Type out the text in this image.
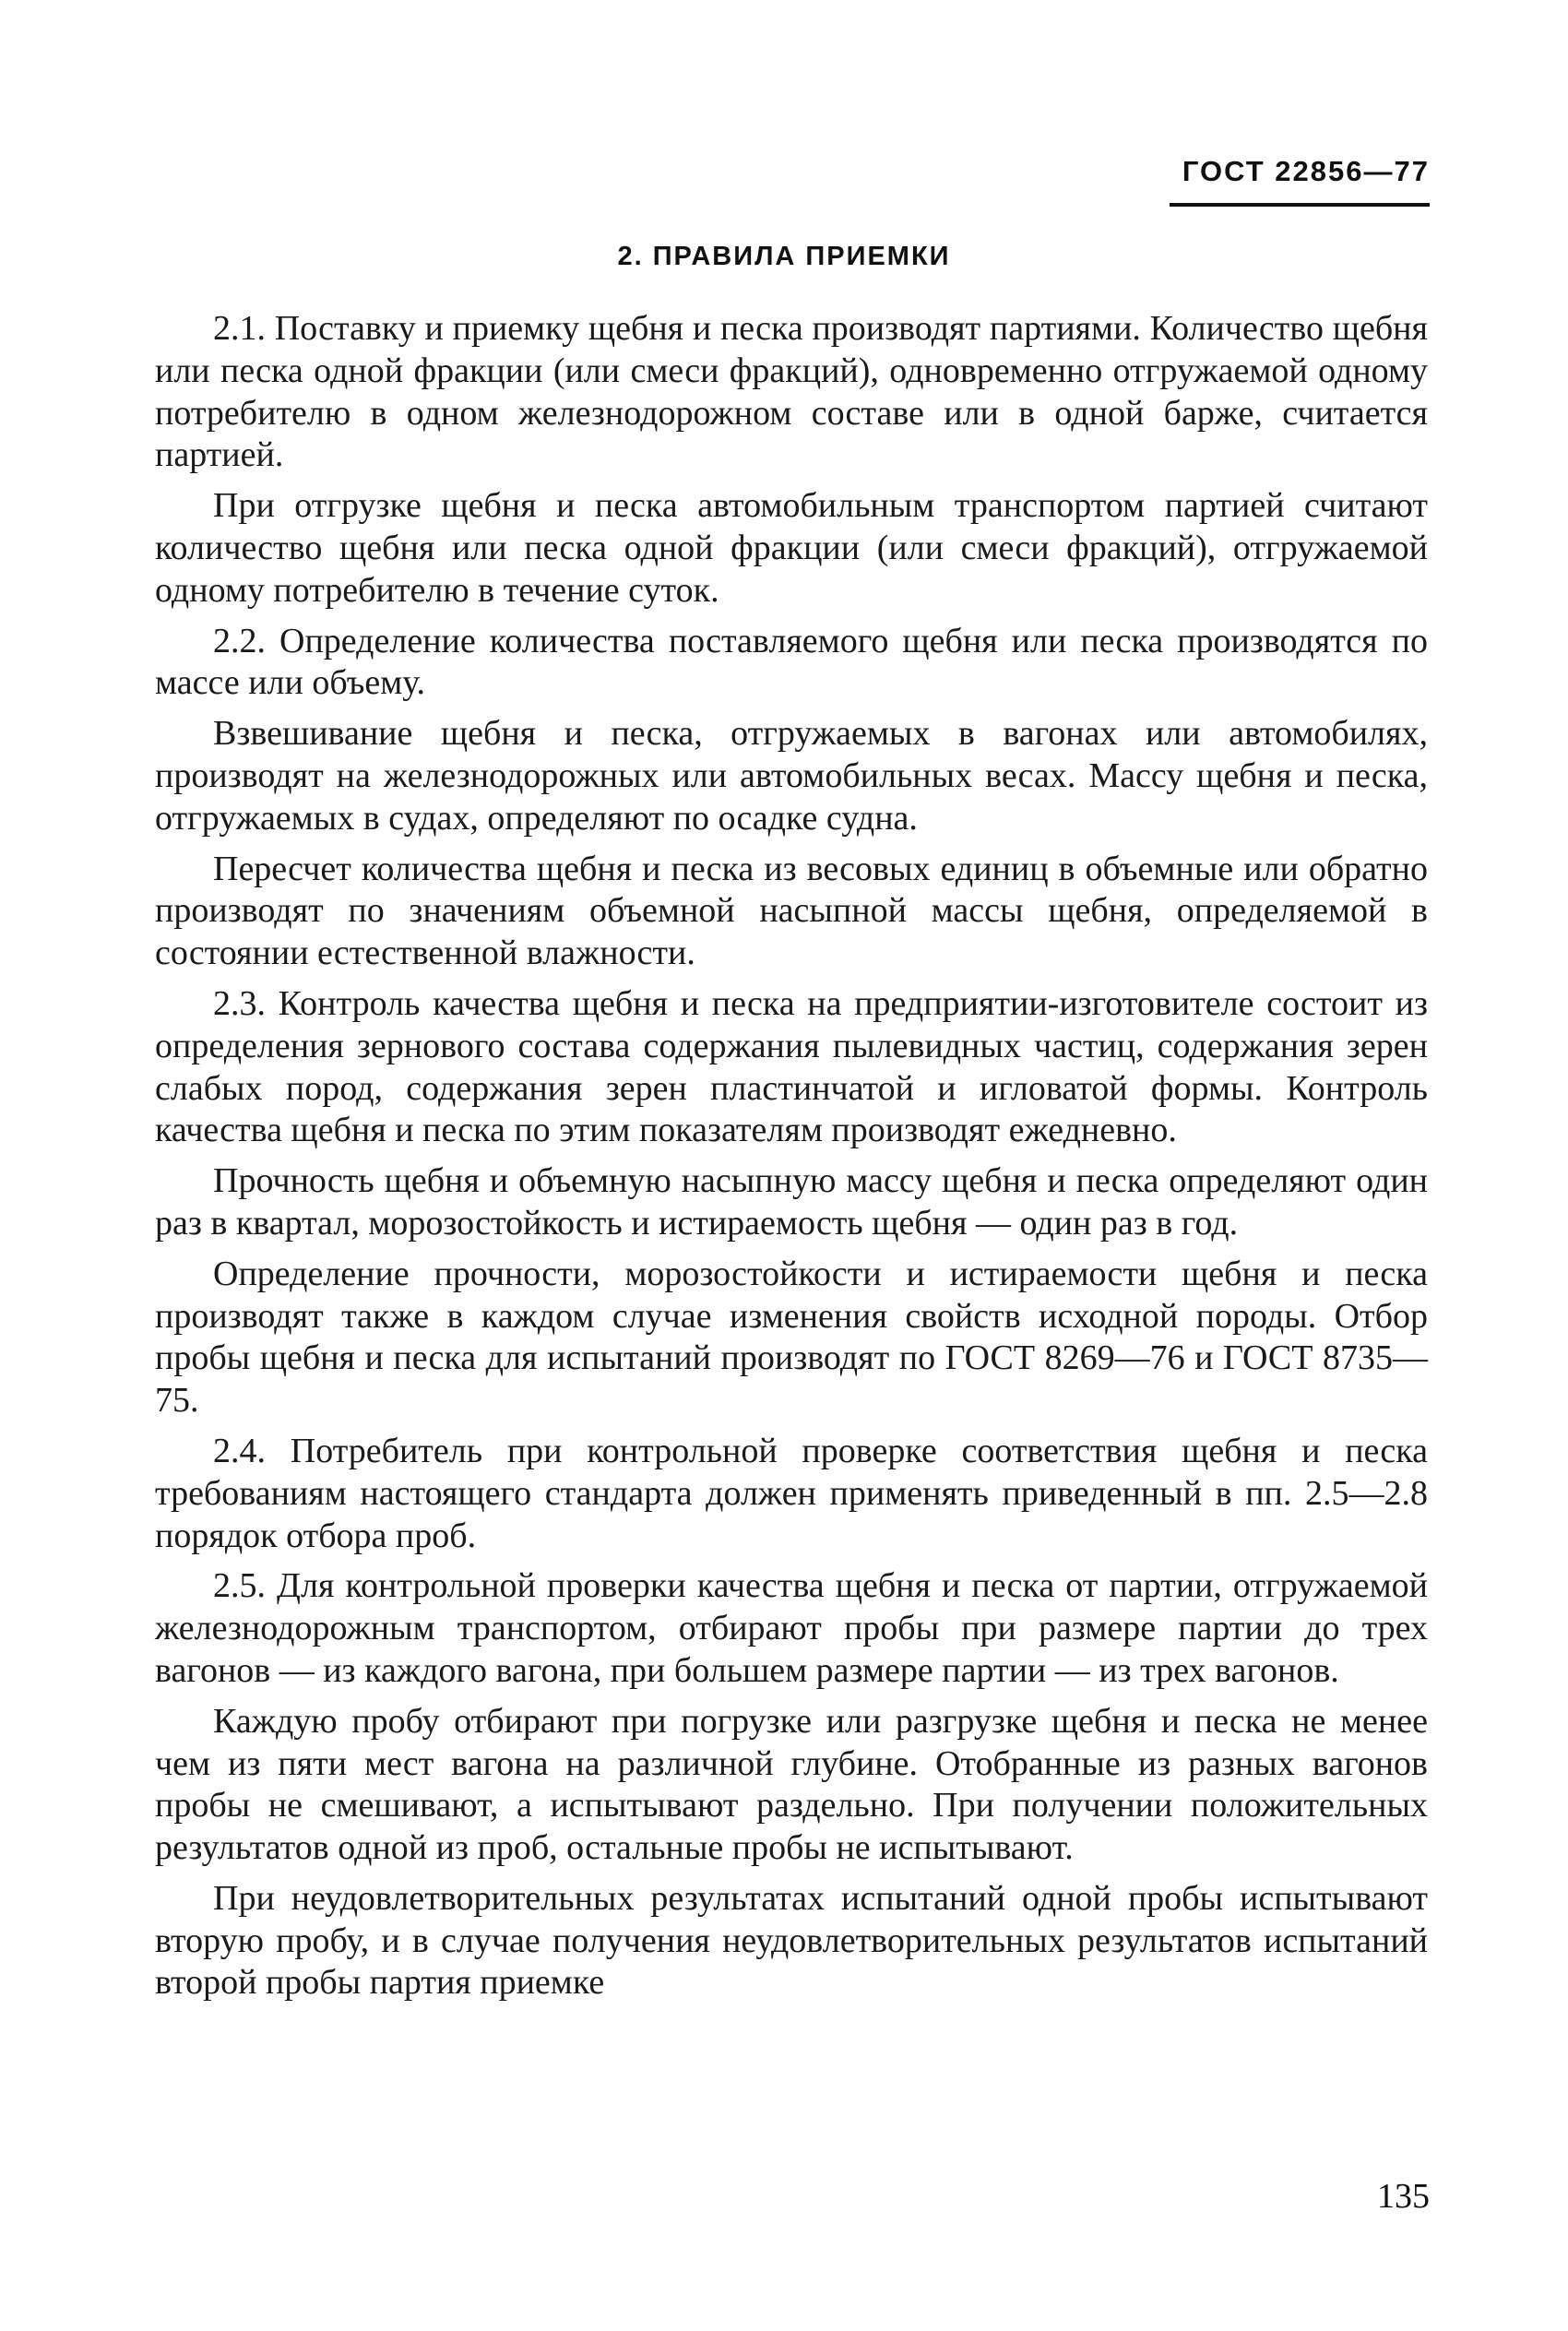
ГОСТ 22856—77
2. ПРАВИЛА ПРИЕМКИ

2.1. Поставку и приемку щебня и песка производят партиями. Количество щебня или песка одной фракции (или смеси фракций), одновременно отгружаемой одному потребителю в одном железнодорожном составе или в одной барже, считается партией.

При отгрузке щебня и песка автомобильным транспортом партией считают количество щебня или песка одной фракции (или смеси фракций), отгружаемой одному потребителю в течение суток.

2.2. Определение количества поставляемого щебня или песка производятся по массе или объему.

Взвешивание щебня и песка, отгружаемых в вагонах или автомобилях, производят на железнодорожных или автомобильных весах. Массу щебня и песка, отгружаемых в судах, определяют по осадке судна.

Пересчет количества щебня и песка из весовых единиц в объемные или обратно производят по значениям объемной насыпной массы щебня, определяемой в состоянии естественной влажности.

2.3. Контроль качества щебня и песка на предприятии-изготовителе состоит из определения зернового состава содержания пылевидных частиц, содержания зерен слабых пород, содержания зерен пластинчатой и игловатой формы. Контроль качества щебня и песка по этим показателям производят ежедневно.

Прочность щебня и объемную насыпную массу щебня и песка определяют один раз в квартал, морозостойкость и истираемость щебня — один раз в год.

Определение прочности, морозостойкости и истираемости щебня и песка производят также в каждом случае изменения свойств исходной породы. Отбор пробы щебня и песка для испытаний производят по ГОСТ 8269—76 и ГОСТ 8735—75.

2.4. Потребитель при контрольной проверке соответствия щебня и песка требованиям настоящего стандарта должен применять приведенный в пп. 2.5—2.8 порядок отбора проб.

2.5. Для контрольной проверки качества щебня и песка от партии, отгружаемой железнодорожным транспортом, отбирают пробы при размере партии до трех вагонов — из каждого вагона, при большем размере партии — из трех вагонов.

Каждую пробу отбирают при погрузке или разгрузке щебня и песка не менее чем из пяти мест вагона на различной глубине. Отобранные из разных вагонов пробы не смешивают, а испытывают раздельно. При получении положительных результатов одной из проб, остальные пробы не испытывают.

При неудовлетворительных результатах испытаний одной пробы испытывают вторую пробу, и в случае получения неудовлетворительных результатов испытаний второй пробы партия приемке

135
